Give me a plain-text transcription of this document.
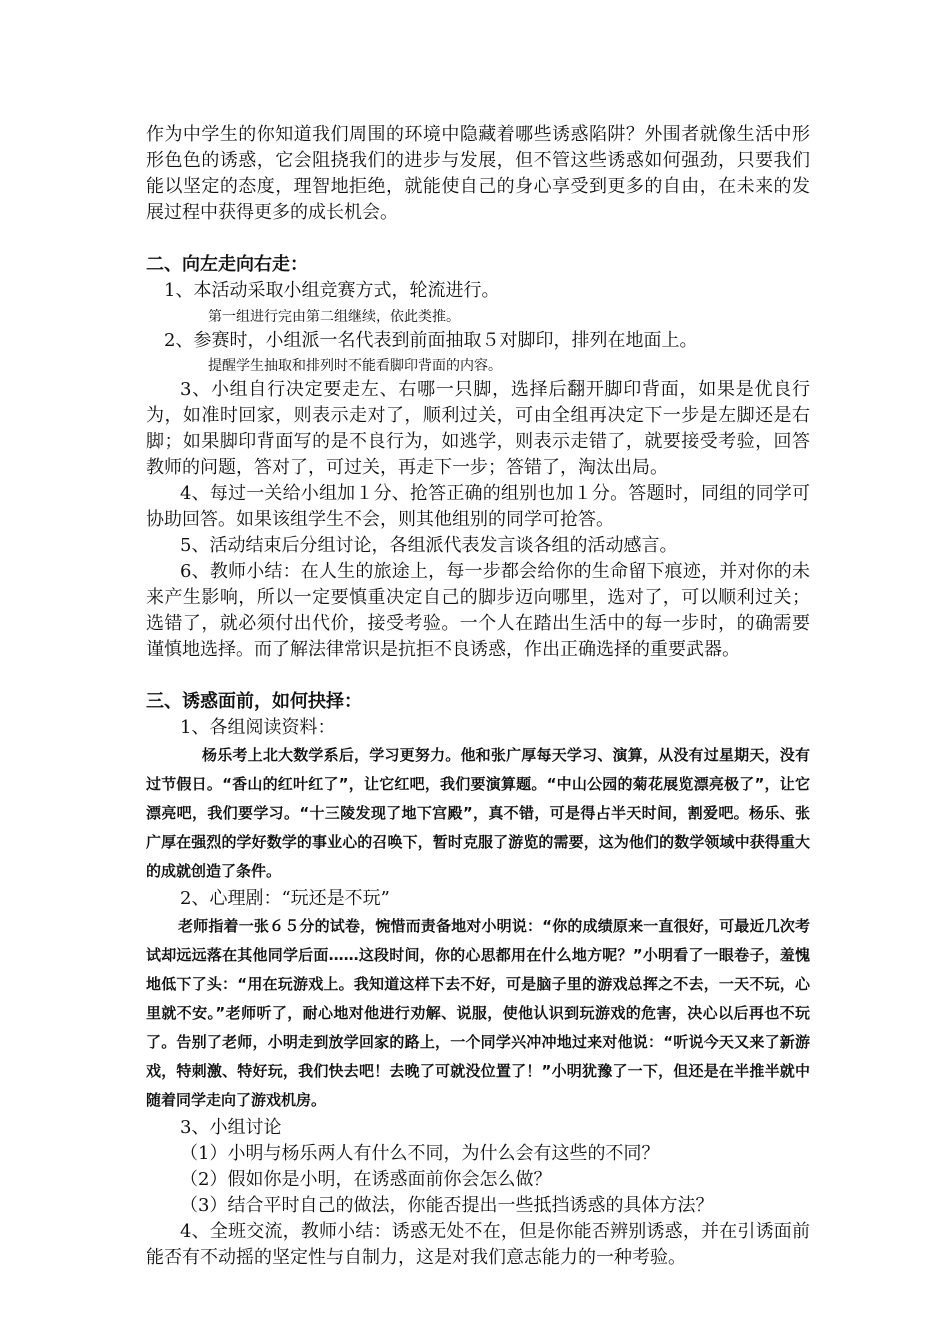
作为中学生的你知道我们周围的环境中隐藏着哪些诱惑陷阱？外围者就像生活中形形色色的诱惑，它会阻挠我们的进步与发展，但不管这些诱惑如何强劲，只要我们能以坚定的态度，理智地拒绝，就能使自己的身心享受到更多的自由，在未来的发展过程中获得更多的成长机会。

二、向左走向右走：

1、本活动采取小组竞赛方式，轮流进行。

第一组进行完由第二组继续，依此类推。

2、参赛时，小组派一名代表到前面抽取５对脚印，排列在地面上。

提醒学生抽取和排列时不能看脚印背面的内容。

3、小组自行决定要走左、右哪一只脚，选择后翻开脚印背面，如果是优良行为，如准时回家，则表示走对了，顺利过关，可由全组再决定下一步是左脚还是右脚；如果脚印背面写的是不良行为，如逃学，则表示走错了，就要接受考验，回答教师的问题，答对了，可过关，再走下一步；答错了，淘汰出局。

4、每过一关给小组加１分、抢答正确的组别也加１分。答题时，同组的同学可协助回答。如果该组学生不会，则其他组别的同学可抢答。

5、活动结束后分组讨论，各组派代表发言谈各组的活动感言。

6、教师小结：在人生的旅途上，每一步都会给你的生命留下痕迹，并对你的未来产生影响，所以一定要慎重决定自己的脚步迈向哪里，选对了，可以顺利过关；选错了，就必须付出代价，接受考验。一个人在踏出生活中的每一步时，的确需要谨慎地选择。而了解法律常识是抗拒不良诱惑，作出正确选择的重要武器。

三、诱惑面前，如何抉择：

1、各组阅读资料：

杨乐考上北大数学系后，学习更努力。他和张广厚每天学习、演算，从没有过星期天，没有过节假日。“香山的红叶红了”，让它红吧，我们要演算题。“中山公园的菊花展览漂亮极了”，让它漂亮吧，我们要学习。“十三陵发现了地下宫殿”，真不错，可是得占半天时间，割爱吧。杨乐、张广厚在强烈的学好数学的事业心的召唤下，暂时克服了游览的需要，这为他们的数学领域中获得重大的成就创造了条件。

2、心理剧：“玩还是不玩”

老师指着一张６５分的试卷，惋惜而责备地对小明说：“你的成绩原来一直很好，可最近几次考试却远远落在其他同学后面……这段时间，你的心思都用在什么地方呢？”小明看了一眼卷子，羞愧地低下了头：“用在玩游戏上。我知道这样下去不好，可是脑子里的游戏总挥之不去，一天不玩，心里就不安。”老师听了，耐心地对他进行劝解、说服，使他认识到玩游戏的危害，决心以后再也不玩了。告别了老师，小明走到放学回家的路上，一个同学兴冲冲地过来对他说：“听说今天又来了新游戏，特刺激、特好玩，我们快去吧！去晚了可就没位置了！”小明犹豫了一下，但还是在半推半就中随着同学走向了游戏机房。

3、小组讨论

（1）小明与杨乐两人有什么不同，为什么会有这些的不同？

（2）假如你是小明，在诱惑面前你会怎么做？

（3）结合平时自己的做法，你能否提出一些抵挡诱惑的具体方法？

4、全班交流，教师小结：诱惑无处不在，但是你能否辨别诱惑，并在引诱面前能否有不动摇的坚定性与自制力，这是对我们意志能力的一种考验。
